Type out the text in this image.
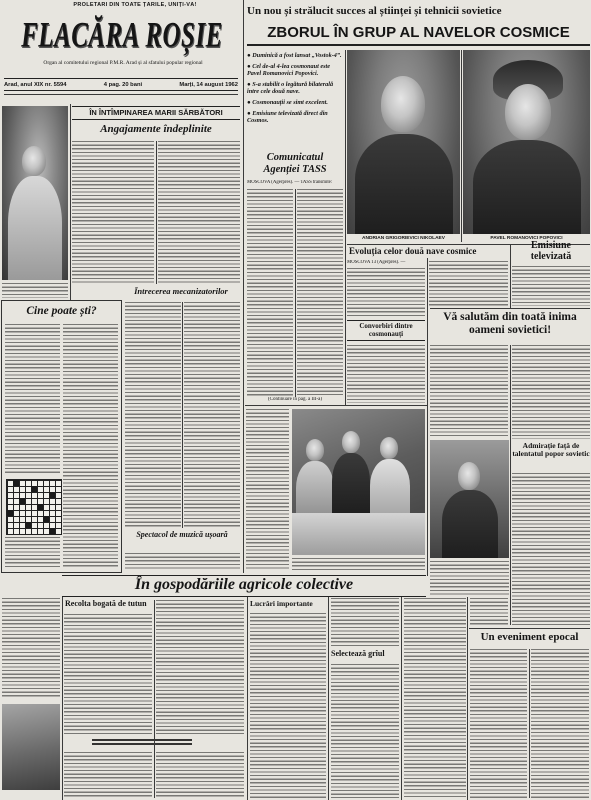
PROLETARI DIN TOATE ȚĂRILE, UNIȚI-VĂ!
FLACĂRA ROȘIE
Organ al comitetului regional P.M.R. Arad și al sfatului popular regional
Arad, anul XIX nr. 5594	4 pag. 20 bani	Marți, 14 august 1962
ÎN ÎNTÎMPINAREA MARII SĂRBĂTORI
Angajamente îndeplinite
Întrecerea mecanizatorilor
Cine poate ști?
Spectacol de muzică ușoară
Un nou și strălucit succes al științei și tehnicii sovietice
ZBORUL ÎN GRUP AL NAVELOR COSMICE
● Duminică a fost lansat „Vostok-4”.
● Cel de-al 4-lea cosmonaut este Pavel Romanovici Popovici.
● S-a stabilit o legătură bilaterală între cele două nave.
● Cosmonauții se simt excelent.
● Emisiune televizată direct din Cosmos.
Comunicatul Agenției TASS
MOSCOVA (Agerpres). — TASS transmite:
(Continuare în pag. a III-a)
ANDRIAN GRIGORIEVICI NIKOLAEV	PAVEL ROMANOVICI POPOVICI
Evoluția celor două nave cosmice
MOSCOVA 13 (Agerpres). —
Convorbiri dintre cosmonauți
Emisiune televizată
Vă salutăm din toată inima oameni sovietici!
Admirație față de talentatul popor sovietic
În gospodăriile agricole colective
Recolta bogată de tutun	Lucrări importante
Selectează grîul
Un eveniment epocal
